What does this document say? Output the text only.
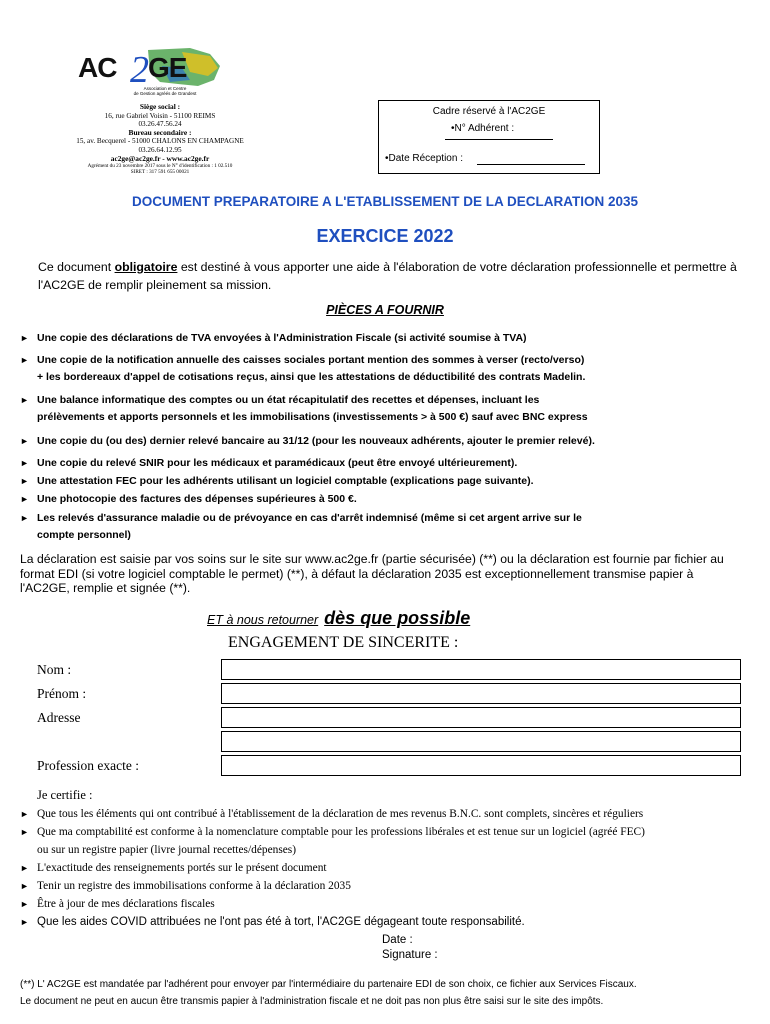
2
AC GE
Association et Centre
de Gestion agréés de Grandest
Siège social :
16, rue Gabriel Voisin - 51100 REIMS
03.26.47.56.24
Bureau secondaire :
15, av. Becquerel - 51000 CHALONS EN CHAMPAGNE
03.26.64.12.95
ac2ge@ac2ge.fr - www.ac2ge.fr
Agrément du 23 novembre 2017 sous le N° d'identification : 1 02.510
SIRET : 317 591 655 00021
Cadre réservé à l'AC2GE
•N° Adhérent :
•Date Réception :
DOCUMENT PREPARATOIRE A L'ETABLISSEMENT DE LA DECLARATION 2035
EXERCICE 2022
Ce document obligatoire est destiné à vous apporter une aide à l'élaboration de votre déclaration professionnelle et permettre à l'AC2GE de remplir pleinement sa mission.
PIÈCES A FOURNIR
► Une copie des déclarations de TVA envoyées à l'Administration Fiscale (si activité soumise à TVA)
► Une copie de la notification annuelle des caisses sociales portant mention des sommes à verser (recto/verso)
+ les bordereaux d'appel de cotisations reçus, ainsi que les attestations de déductibilité des contrats Madelin.
► Une balance informatique des comptes ou un état récapitulatif des recettes et dépenses, incluant les
prélèvements et apports personnels et les immobilisations (investissements > à 500 €) sauf avec BNC express
► Une copie du (ou des) dernier relevé bancaire au 31/12 (pour les nouveaux adhérents, ajouter le premier relevé).
► Une copie du relevé SNIR pour les médicaux et paramédicaux (peut être envoyé ultérieurement).
► Une attestation FEC pour les adhérents utilisant un logiciel comptable (explications page suivante).
► Une photocopie des factures des dépenses supérieures à 500 €.
► Les relevés d'assurance maladie ou de prévoyance en cas d'arrêt indemnisé (même si cet argent arrive sur le
compte personnel)
La déclaration est saisie par vos soins sur le site sur www.ac2ge.fr (partie sécurisée) (**) ou la déclaration est fournie par fichier au format EDI (si votre logiciel comptable le permet) (**), à défaut la déclaration 2035 est exceptionnellement transmise papier à l'AC2GE, remplie et signée (**).
ET à nous retourner dès que possible
ENGAGEMENT DE SINCERITE :
Nom :
Prénom :
Adresse
Profession exacte :
Je certifie :
► Que tous les éléments qui ont contribué à l'établissement de la déclaration de mes revenus B.N.C. sont complets, sincères et réguliers
► Que ma comptabilité est conforme à la nomenclature comptable pour les professions libérales et est tenue sur un logiciel (agréé FEC)
ou sur un registre papier (livre journal recettes/dépenses)
► L'exactitude des renseignements portés sur le présent document
► Tenir un registre des immobilisations conforme à la déclaration 2035
► Être à jour de mes déclarations fiscales
► Que les aides COVID attribuées ne l'ont pas été à tort, l'AC2GE dégageant toute responsabilité.
Date :
Signature :
(**) L' AC2GE est mandatée par l'adhérent pour envoyer par l'intermédiaire du partenaire EDI de son choix, ce fichier aux Services Fiscaux.
Le document ne peut en aucun être transmis papier à l'administration fiscale et ne doit pas non plus être saisi sur le site des impôts.
